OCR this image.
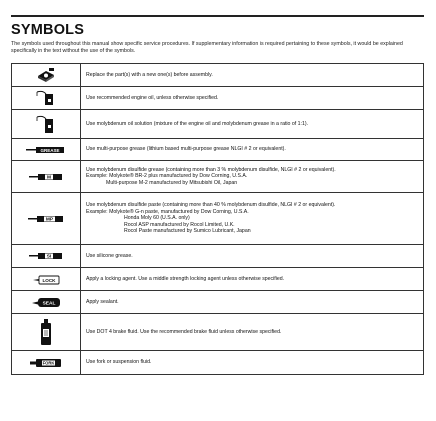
SYMBOLS
The symbols used throughout this manual show specific service procedures. If supplementary information is required pertaining to these symbols, it would be explained specifically in the text without the use of the symbols.

Replace the part(s) with a new one(s) before assembly.

Use recommended engine oil, unless otherwise specified.

Use molybdenum oil solution (mixture of the engine oil and molybdenum grease in a ratio of 1:1).

GREASE	Use multi-purpose grease (lithium based multi-purpose grease NLGI # 2 or equivalent).

M	Use molybdenum disulfide grease (containing more than 3 % molybdenum disulfide, NLGI # 2 or equivalent).
Example: Molykote® BR-2 plus manufactured by Dow Corning, U.S.A.
Multi-purpose M-2 manufactured by Mitsubishi Oil, Japan

MP	Use molybdenum disulfide paste (containing more than 40 % molybdenum disulfide, NLGI # 2 or equivalent).
Example: Molykote® G-n paste, manufactured by Dow Corning, U.S.A.
Honda Moly 60 (U.S.A. only)
Rocol ASP manufactured by Rocol Limited, U.K.
Rocol Paste manufactured by Sumico Lubricant, Japan

SI	Use silicone grease.

LOCK	Apply a locking agent. Use a middle strength locking agent unless otherwise specified.

SEAL	Apply sealant.

Use DOT 4 brake fluid. Use the recommended brake fluid unless otherwise specified.

FORK	Use fork or suspension fluid.
